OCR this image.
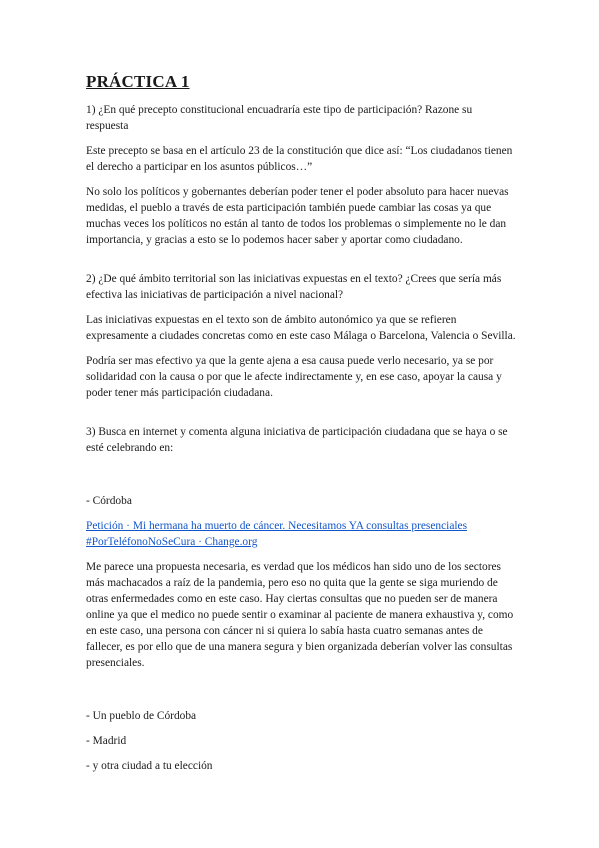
PRÁCTICA 1

1) ¿En qué precepto constitucional encuadraría este tipo de participación? Razone su respuesta

Este precepto se basa en el artículo 23 de la constitución que dice así: “Los ciudadanos tienen el derecho a participar en los asuntos públicos…”

No solo los políticos y gobernantes deberían poder tener el poder absoluto para hacer nuevas medidas, el pueblo a través de esta participación también puede cambiar las cosas ya que muchas veces los políticos no están al tanto de todos los problemas o simplemente no le dan importancia, y gracias a esto se lo podemos hacer saber y aportar como ciudadano.

2) ¿De qué ámbito territorial son las iniciativas expuestas en el texto? ¿Crees que sería más efectiva las iniciativas de participación a nivel nacional?

Las iniciativas expuestas en el texto son de ámbito autonómico ya que se refieren expresamente a ciudades concretas como en este caso Málaga o Barcelona, Valencia o Sevilla.

Podría ser mas efectivo ya que la gente ajena a esa causa puede verlo necesario, ya se por solidaridad con la causa o por que le afecte indirectamente y, en ese caso, apoyar la causa y poder tener más participación ciudadana.

3) Busca en internet y comenta alguna iniciativa de participación ciudadana que se haya o se esté celebrando en:

- Córdoba

Petición · Mi hermana ha muerto de cáncer. Necesitamos YA consultas presenciales #PorTeléfonoNoSeCura · Change.org

Me parece una propuesta necesaria, es verdad que los médicos han sido uno de los sectores más machacados a raíz de la pandemia, pero eso no quita que la gente se siga muriendo de otras enfermedades como en este caso. Hay ciertas consultas que no pueden ser de manera online ya que el medico no puede sentir o examinar al paciente de manera exhaustiva y, como en este caso, una persona con cáncer ni si quiera lo sabía hasta cuatro semanas antes de fallecer, es por ello que de una manera segura y bien organizada deberían volver las consultas presenciales.

- Un pueblo de Córdoba

- Madrid

- y otra ciudad a tu elección
